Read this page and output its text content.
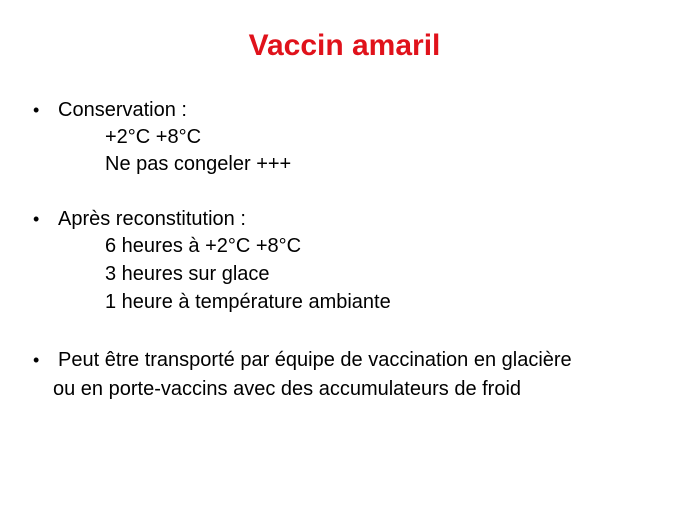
Vaccin amaril
• Conservation :
+2°C +8°C
Ne pas congeler +++
• Après reconstitution :
6 heures à +2°C +8°C
3 heures sur glace
1 heure à température ambiante
• Peut être transporté par équipe de vaccination en glacière
ou en porte-vaccins avec des accumulateurs de froid
